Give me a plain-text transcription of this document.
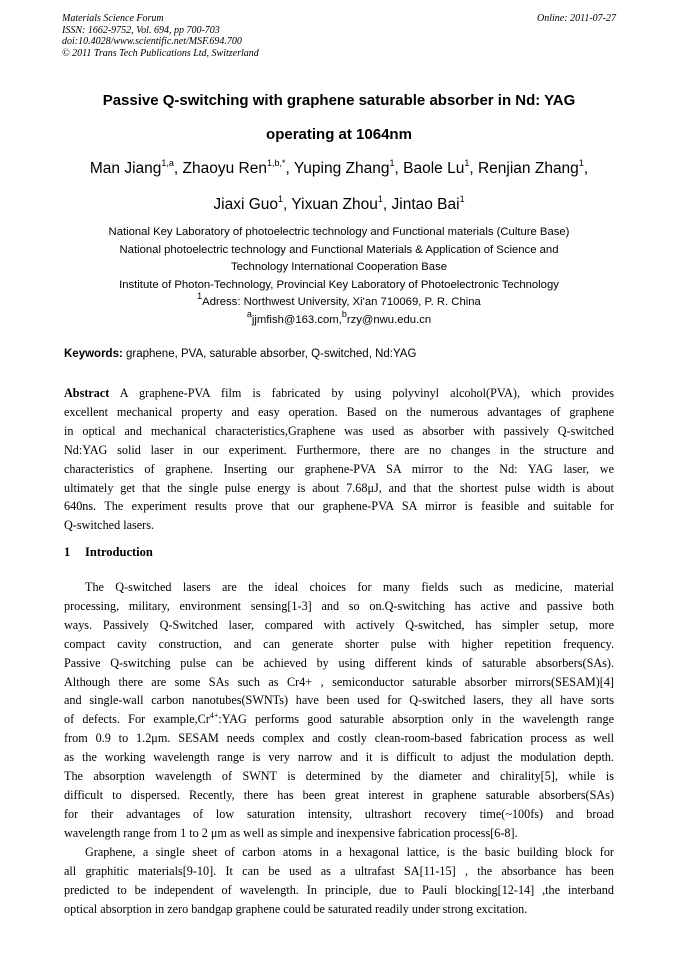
Materials Science Forum
ISSN: 1662-9752, Vol. 694, pp 700-703
doi:10.4028/www.scientific.net/MSF.694.700
© 2011 Trans Tech Publications Ltd, Switzerland
Online: 2011-07-27
Passive Q-switching with graphene saturable absorber in Nd: YAG
operating at 1064nm
Man Jiang$^{1,a}$, Zhaoyu Ren$^{1,b,*}$, Yuping Zhang$^1$, Baole Lu$^1$, Renjian Zhang$^1$,
Jiaxi Guo$^1$, Yixuan Zhou$^1$, Jintao Bai$^1$
National Key Laboratory of photoelectric technology and Functional materials (Culture Base)
National photoelectric technology and Functional Materials & Application of Science and
Technology International Cooperation Base
Institute of Photon-Technology, Provincial Key Laboratory of Photoelectronic Technology
$^1$Adress: Northwest University, Xi'an 710069, P. R. China
$^a$jjmfish@163.com,$^b$rzy@nwu.edu.cn
Keywords: graphene, PVA, saturable absorber, Q-switched, Nd:YAG
Abstract A graphene-PVA film is fabricated by using polyvinyl alcohol(PVA), which provides
excellent mechanical property and easy operation. Based on the numerous advantages of graphene
in optical and mechanical characteristics,Graphene was used as absorber with passively Q-switched
Nd:YAG solid laser in our experiment. Furthermore, there are no changes in the structure and
characteristics of graphene. Inserting our graphene-PVA SA mirror to the Nd: YAG laser, we
ultimately get that the single pulse energy is about 7.68μJ, and that the shortest pulse width is about
640ns. The experiment results prove that our graphene-PVA SA mirror is feasible and suitable for
Q-switched lasers.
1 Introduction
The Q-switched lasers are the ideal choices for many fields such as medicine, material
processing, military, environment sensing[1-3] and so on.Q-switching has active and passive both
ways. Passively Q-Switched laser, compared with actively Q-switched, has simpler setup, more
compact cavity construction, and can generate shorter pulse with higher repetition frequency.
Passive Q-switching pulse can be achieved by using different kinds of saturable absorbers(SAs).
Although there are some SAs such as Cr4+ , semiconductor saturable absorber mirrors(SESAM)[4]
and single-wall carbon nanotubes(SWNTs) have been used for Q-switched lasers, they all have sorts
of defects. For $example,Cr^{4+}:YAG$ performs good saturable absorption only in the wavelength range
from 0.9 to 1.2μm. SESAM needs complex and costly clean-room-based fabrication process as well
as the working wavelength range is very narrow and it is difficult to adjust the modulation depth.
The absorption wavelength of SWNT is determined by the diameter and chirality[5], while is
difficult to dispersed. Recently, there has been great interest in graphene saturable absorbers(SAs)
for their advantages of low saturation intensity, ultrashort recovery time(~100fs) and broad
wavelength range from 1 to 2 μm as well as simple and inexpensive fabrication process[6-8].
Graphene, a single sheet of carbon atoms in a hexagonal lattice, is the basic building block for
all graphitic materials[9-10]. It can be used as a ultrafast SA[11-15] , the absorbance has been
predicted to be independent of wavelength. In principle, due to Pauli blocking[12-14] ,the interband
optical absorption in zero bandgap graphene could be saturated readily under strong excitation.
